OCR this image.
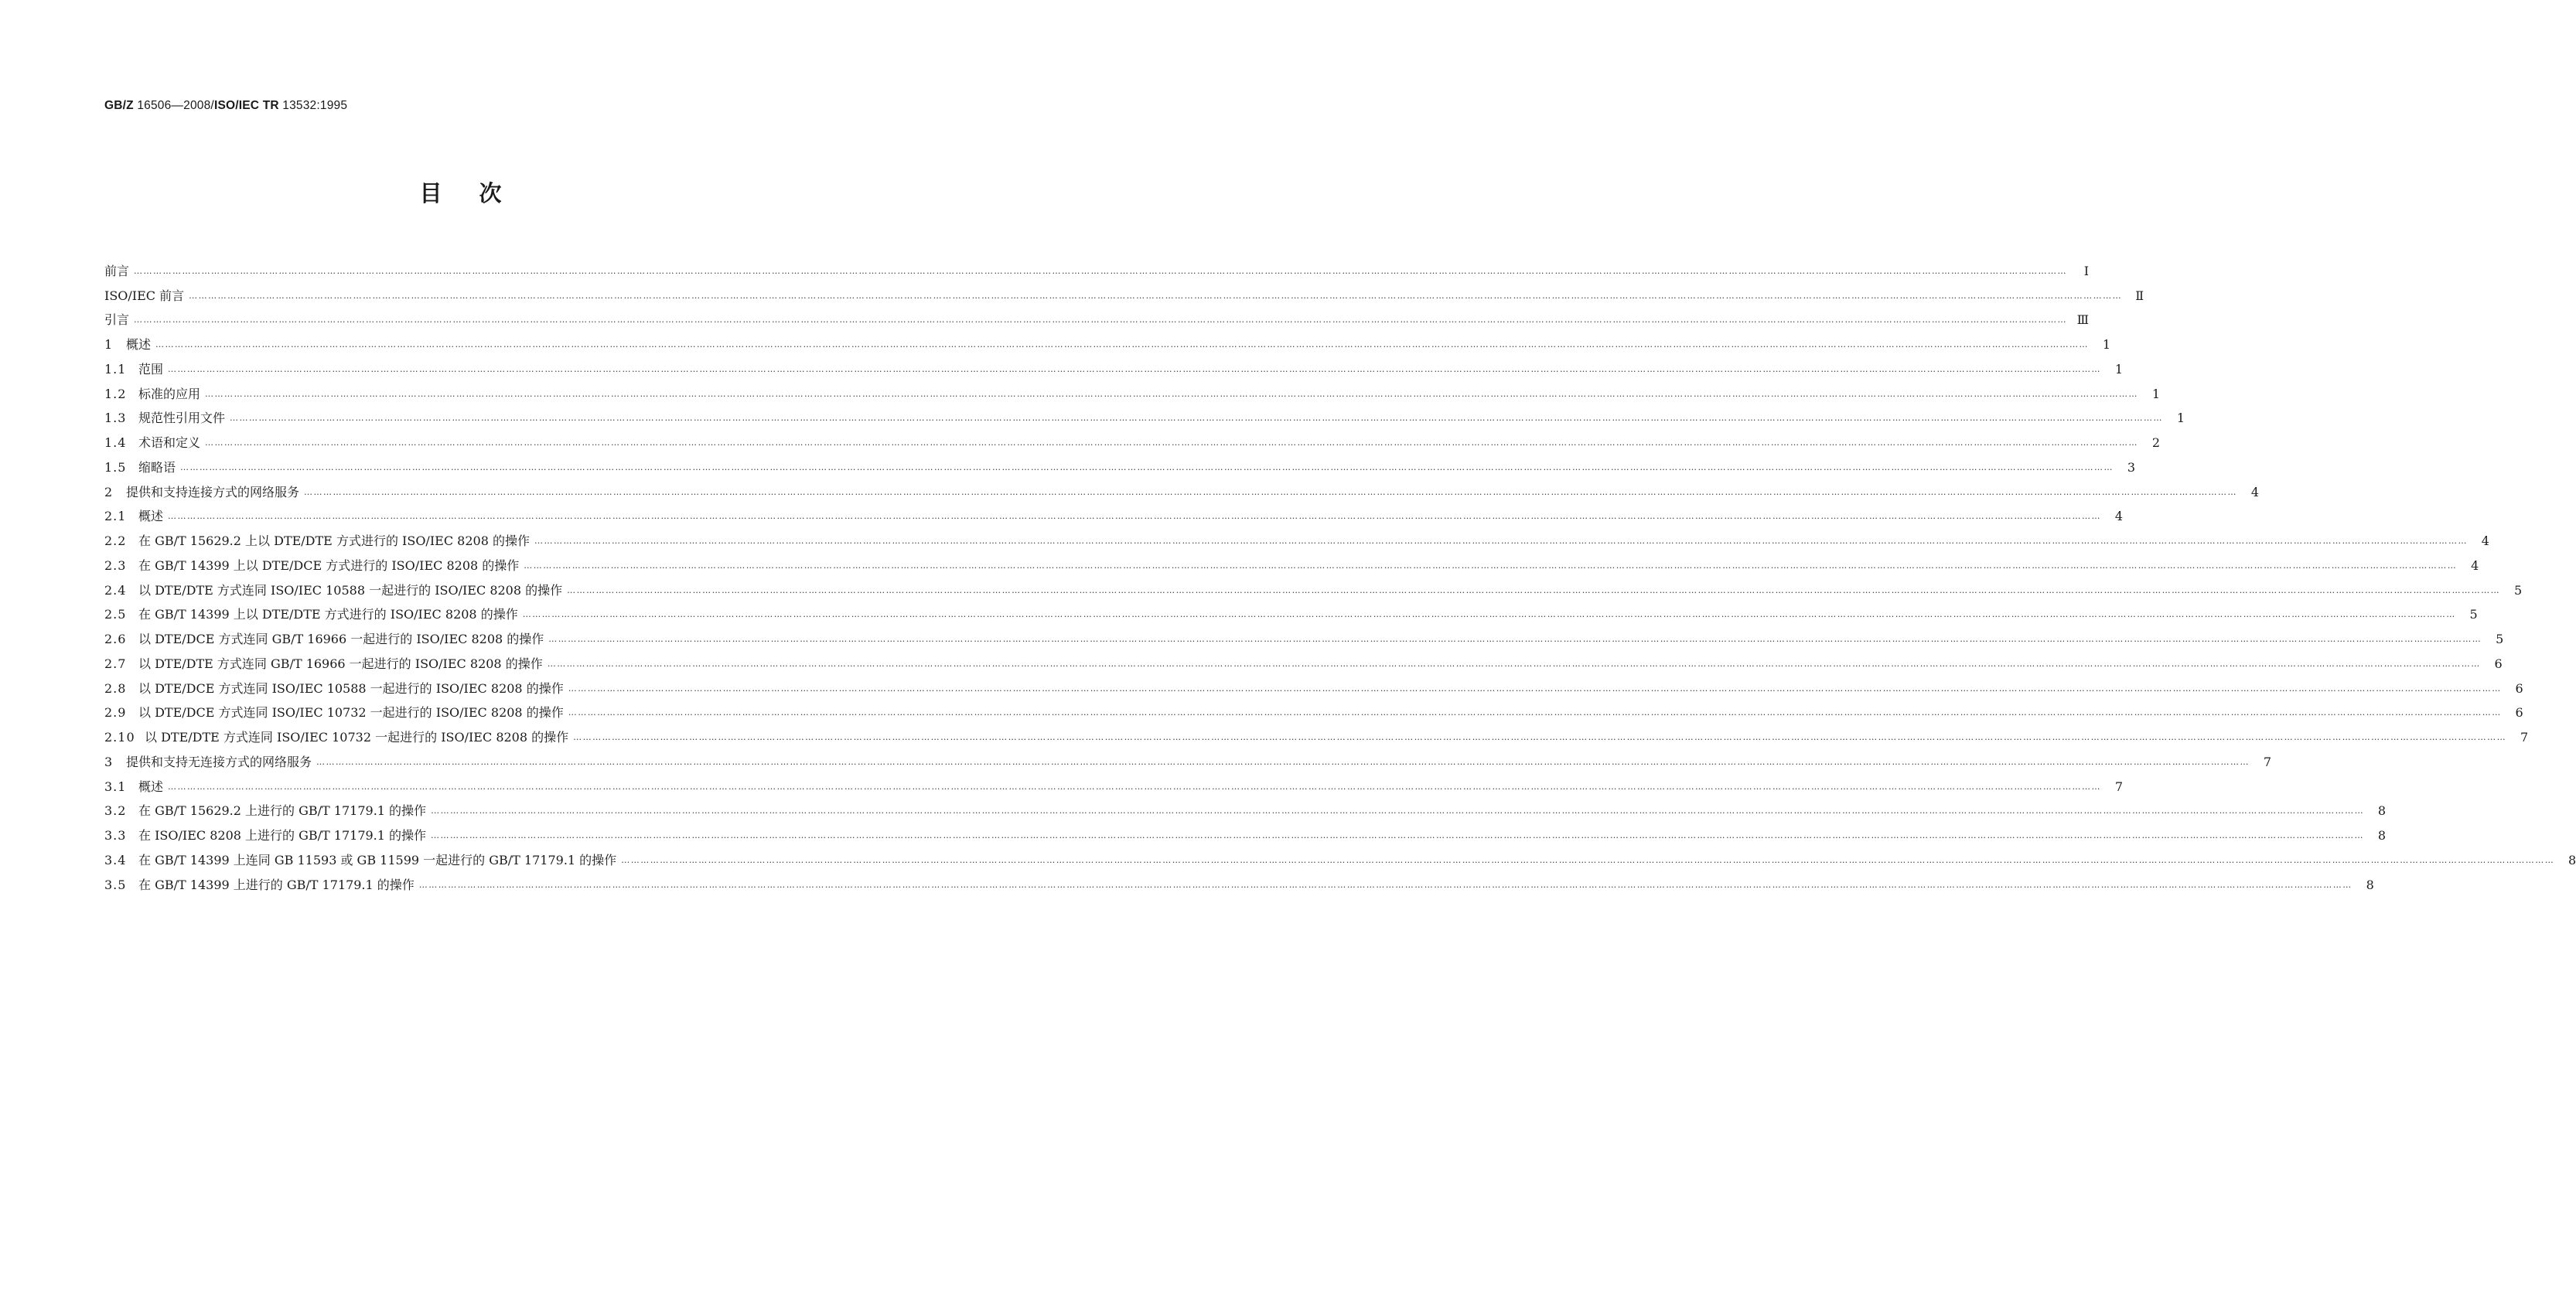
GB/Z 16506—2008/ISO/IEC TR 13532:1995
目次
前言 ……………………………………………………………………………………………………………………………………………………………………………………………………………………………………………………………………………………………………………………………………………………………………………………………………………………………………………………………………………………………………………………………………………………	Ⅰ
ISO/IEC 前言 ……………………………………………………………………………………………………………………………………………………………………………………………………………………………………………………………………………………………………………………………………………………………………………………………………………………………………………………………………………………………………………………………………………………	Ⅱ
引言 …………………………………………………………………………………………………………………………………………………………………………………………………………………………………………………………………………………………………………………………………………………………………………………………………………………………………………………………………………………………………………………………………………………… Ⅲ
1 概述 ……………………………………………………………………………………………………………………………………………………………………………………………………………………………………………………………………………………………………………………………………………………………………………………………………………………………………………………………………………………………………………………………………………………	1
1.1 范围 ……………………………………………………………………………………………………………………………………………………………………………………………………………………………………………………………………………………………………………………………………………………………………………………………………………………………………………………………………………………………………………………………………………………	1
1.2 标准的应用 ……………………………………………………………………………………………………………………………………………………………………………………………………………………………………………………………………………………………………………………………………………………………………………………………………………………………………………………………………………………………………………………………………………………	1
1.3 规范性引用文件 ……………………………………………………………………………………………………………………………………………………………………………………………………………………………………………………………………………………………………………………………………………………………………………………………………………………………………………………………………………………………………………………………………………………	1
1.4 术语和定义 ……………………………………………………………………………………………………………………………………………………………………………………………………………………………………………………………………………………………………………………………………………………………………………………………………………………………………………………………………………………………………………………………………………………	2
1.5 缩略语 ……………………………………………………………………………………………………………………………………………………………………………………………………………………………………………………………………………………………………………………………………………………………………………………………………………………………………………………………………………………………………………………………………………………	3
2 提供和支持连接方式的网络服务 ……………………………………………………………………………………………………………………………………………………………………………………………………………………………………………………………………………………………………………………………………………………………………………………………………………………………………………………………………………………………………………………………………………………	4
2.1 概述 ……………………………………………………………………………………………………………………………………………………………………………………………………………………………………………………………………………………………………………………………………………………………………………………………………………………………………………………………………………………………………………………………………………………	4
2.2 在 GB/T 15629.2 上以 DTE/DTE 方式进行的 ISO/IEC 8208 的操作 ……………………………………………………………………………………………………………………………………………………………………………………………………………………………………………………………………………………………………………………………………………………………………………………………………………………………………………………………………………………………………………………………………………………	4
2.3 在 GB/T 14399 上以 DTE/DCE 方式进行的 ISO/IEC 8208 的操作 ……………………………………………………………………………………………………………………………………………………………………………………………………………………………………………………………………………………………………………………………………………………………………………………………………………………………………………………………………………………………………………………………………………………	4
2.4 以 DTE/DTE 方式连同 ISO/IEC 10588 一起进行的 ISO/IEC 8208 的操作 ……………………………………………………………………………………………………………………………………………………………………………………………………………………………………………………………………………………………………………………………………………………………………………………………………………………………………………………………………………………………………………………………………………………	5
2.5 在 GB/T 14399 上以 DTE/DTE 方式进行的 ISO/IEC 8208 的操作 ……………………………………………………………………………………………………………………………………………………………………………………………………………………………………………………………………………………………………………………………………………………………………………………………………………………………………………………………………………………………………………………………………………………	5
2.6 以 DTE/DCE 方式连同 GB/T 16966 一起进行的 ISO/IEC 8208 的操作 ……………………………………………………………………………………………………………………………………………………………………………………………………………………………………………………………………………………………………………………………………………………………………………………………………………………………………………………………………………………………………………………………………………………	5
2.7 以 DTE/DTE 方式连同 GB/T 16966 一起进行的 ISO/IEC 8208 的操作 ……………………………………………………………………………………………………………………………………………………………………………………………………………………………………………………………………………………………………………………………………………………………………………………………………………………………………………………………………………………………………………………………………………………	6
2.8 以 DTE/DCE 方式连同 ISO/IEC 10588 一起进行的 ISO/IEC 8208 的操作 ……………………………………………………………………………………………………………………………………………………………………………………………………………………………………………………………………………………………………………………………………………………………………………………………………………………………………………………………………………………………………………………………………………………	6
2.9 以 DTE/DCE 方式连同 ISO/IEC 10732 一起进行的 ISO/IEC 8208 的操作 ……………………………………………………………………………………………………………………………………………………………………………………………………………………………………………………………………………………………………………………………………………………………………………………………………………………………………………………………………………………………………………………………………………………	6
2.10 以 DTE/DTE 方式连同 ISO/IEC 10732 一起进行的 ISO/IEC 8208 的操作 ……………………………………………………………………………………………………………………………………………………………………………………………………………………………………………………………………………………………………………………………………………………………………………………………………………………………………………………………………………………………………………………………………………………	7
3 提供和支持无连接方式的网络服务 ……………………………………………………………………………………………………………………………………………………………………………………………………………………………………………………………………………………………………………………………………………………………………………………………………………………………………………………………………………………………………………………………………………………	7
3.1 概述 ……………………………………………………………………………………………………………………………………………………………………………………………………………………………………………………………………………………………………………………………………………………………………………………………………………………………………………………………………………………………………………………………………………………	7
3.2 在 GB/T 15629.2 上进行的 GB/T 17179.1 的操作 ……………………………………………………………………………………………………………………………………………………………………………………………………………………………………………………………………………………………………………………………………………………………………………………………………………………………………………………………………………………………………………………………………………………	8
3.3 在 ISO/IEC 8208 上进行的 GB/T 17179.1 的操作 ……………………………………………………………………………………………………………………………………………………………………………………………………………………………………………………………………………………………………………………………………………………………………………………………………………………………………………………………………………………………………………………………………………………	8
3.4 在 GB/T 14399 上连同 GB 11593 或 GB 11599 一起进行的 GB/T 17179.1 的操作 ……………………………………………………………………………………………………………………………………………………………………………………………………………………………………………………………………………………………………………………………………………………………………………………………………………………………………………………………………………………………………………………………………………………	8
3.5 在 GB/T 14399 上进行的 GB/T 17179.1 的操作 ……………………………………………………………………………………………………………………………………………………………………………………………………………………………………………………………………………………………………………………………………………………………………………………………………………………………………………………………………………………………………………………………………………………	8
